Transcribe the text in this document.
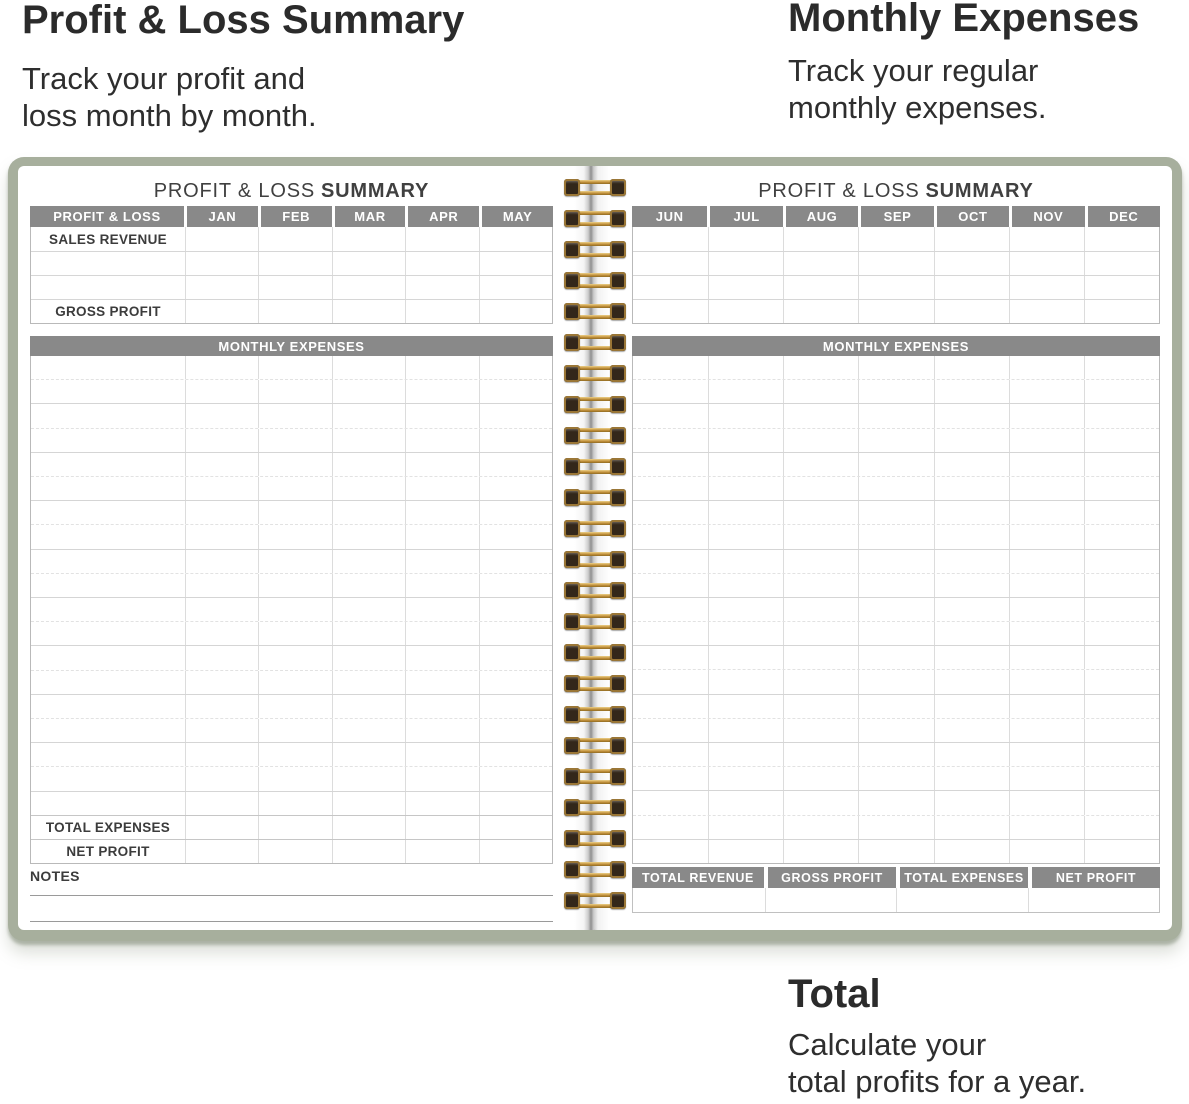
Profit & Loss Summary
Track your profit and
loss month by month.
Monthly Expenses
Track your regular
monthly expenses.
Total
Calculate your
total profits for a year.
PROFIT & LOSS SUMMARY
PROFIT & LOSS	JAN	FEB	MAR	APR	MAY
SALES REVENUE
GROSS PROFIT
MONTHLY EXPENSES
TOTAL EXPENSES
NET PROFIT
NOTES
PROFIT & LOSS SUMMARY
JUN	JUL	AUG	SEP	OCT	NOV	DEC
MONTHLY EXPENSES
TOTAL REVENUE	GROSS PROFIT	TOTAL EXPENSES	NET PROFIT
